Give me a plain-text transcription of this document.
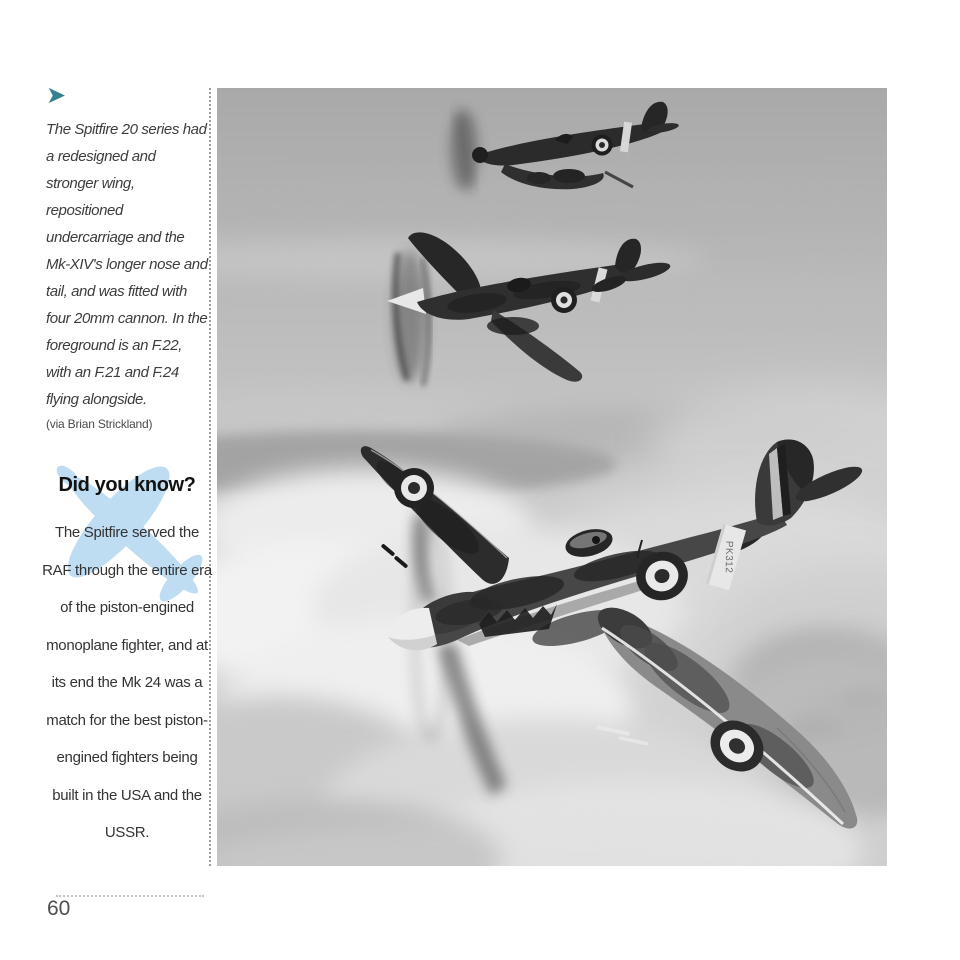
➤

The Spitfire 20 series had a redesigned and stronger wing, repositioned undercarriage and the Mk-XIV's longer nose and tail, and was fitted with four 20mm cannon. In the foreground is an F.22, with an F.21 and F.24 flying alongside.

(via Brian Strickland)

Did you know?

The Spitfire served the RAF through the entire era of the piston-engined monoplane fighter, and at its end the Mk 24 was a match for the best piston-engined fighters being built in the USA and the USSR.

PK312
60
